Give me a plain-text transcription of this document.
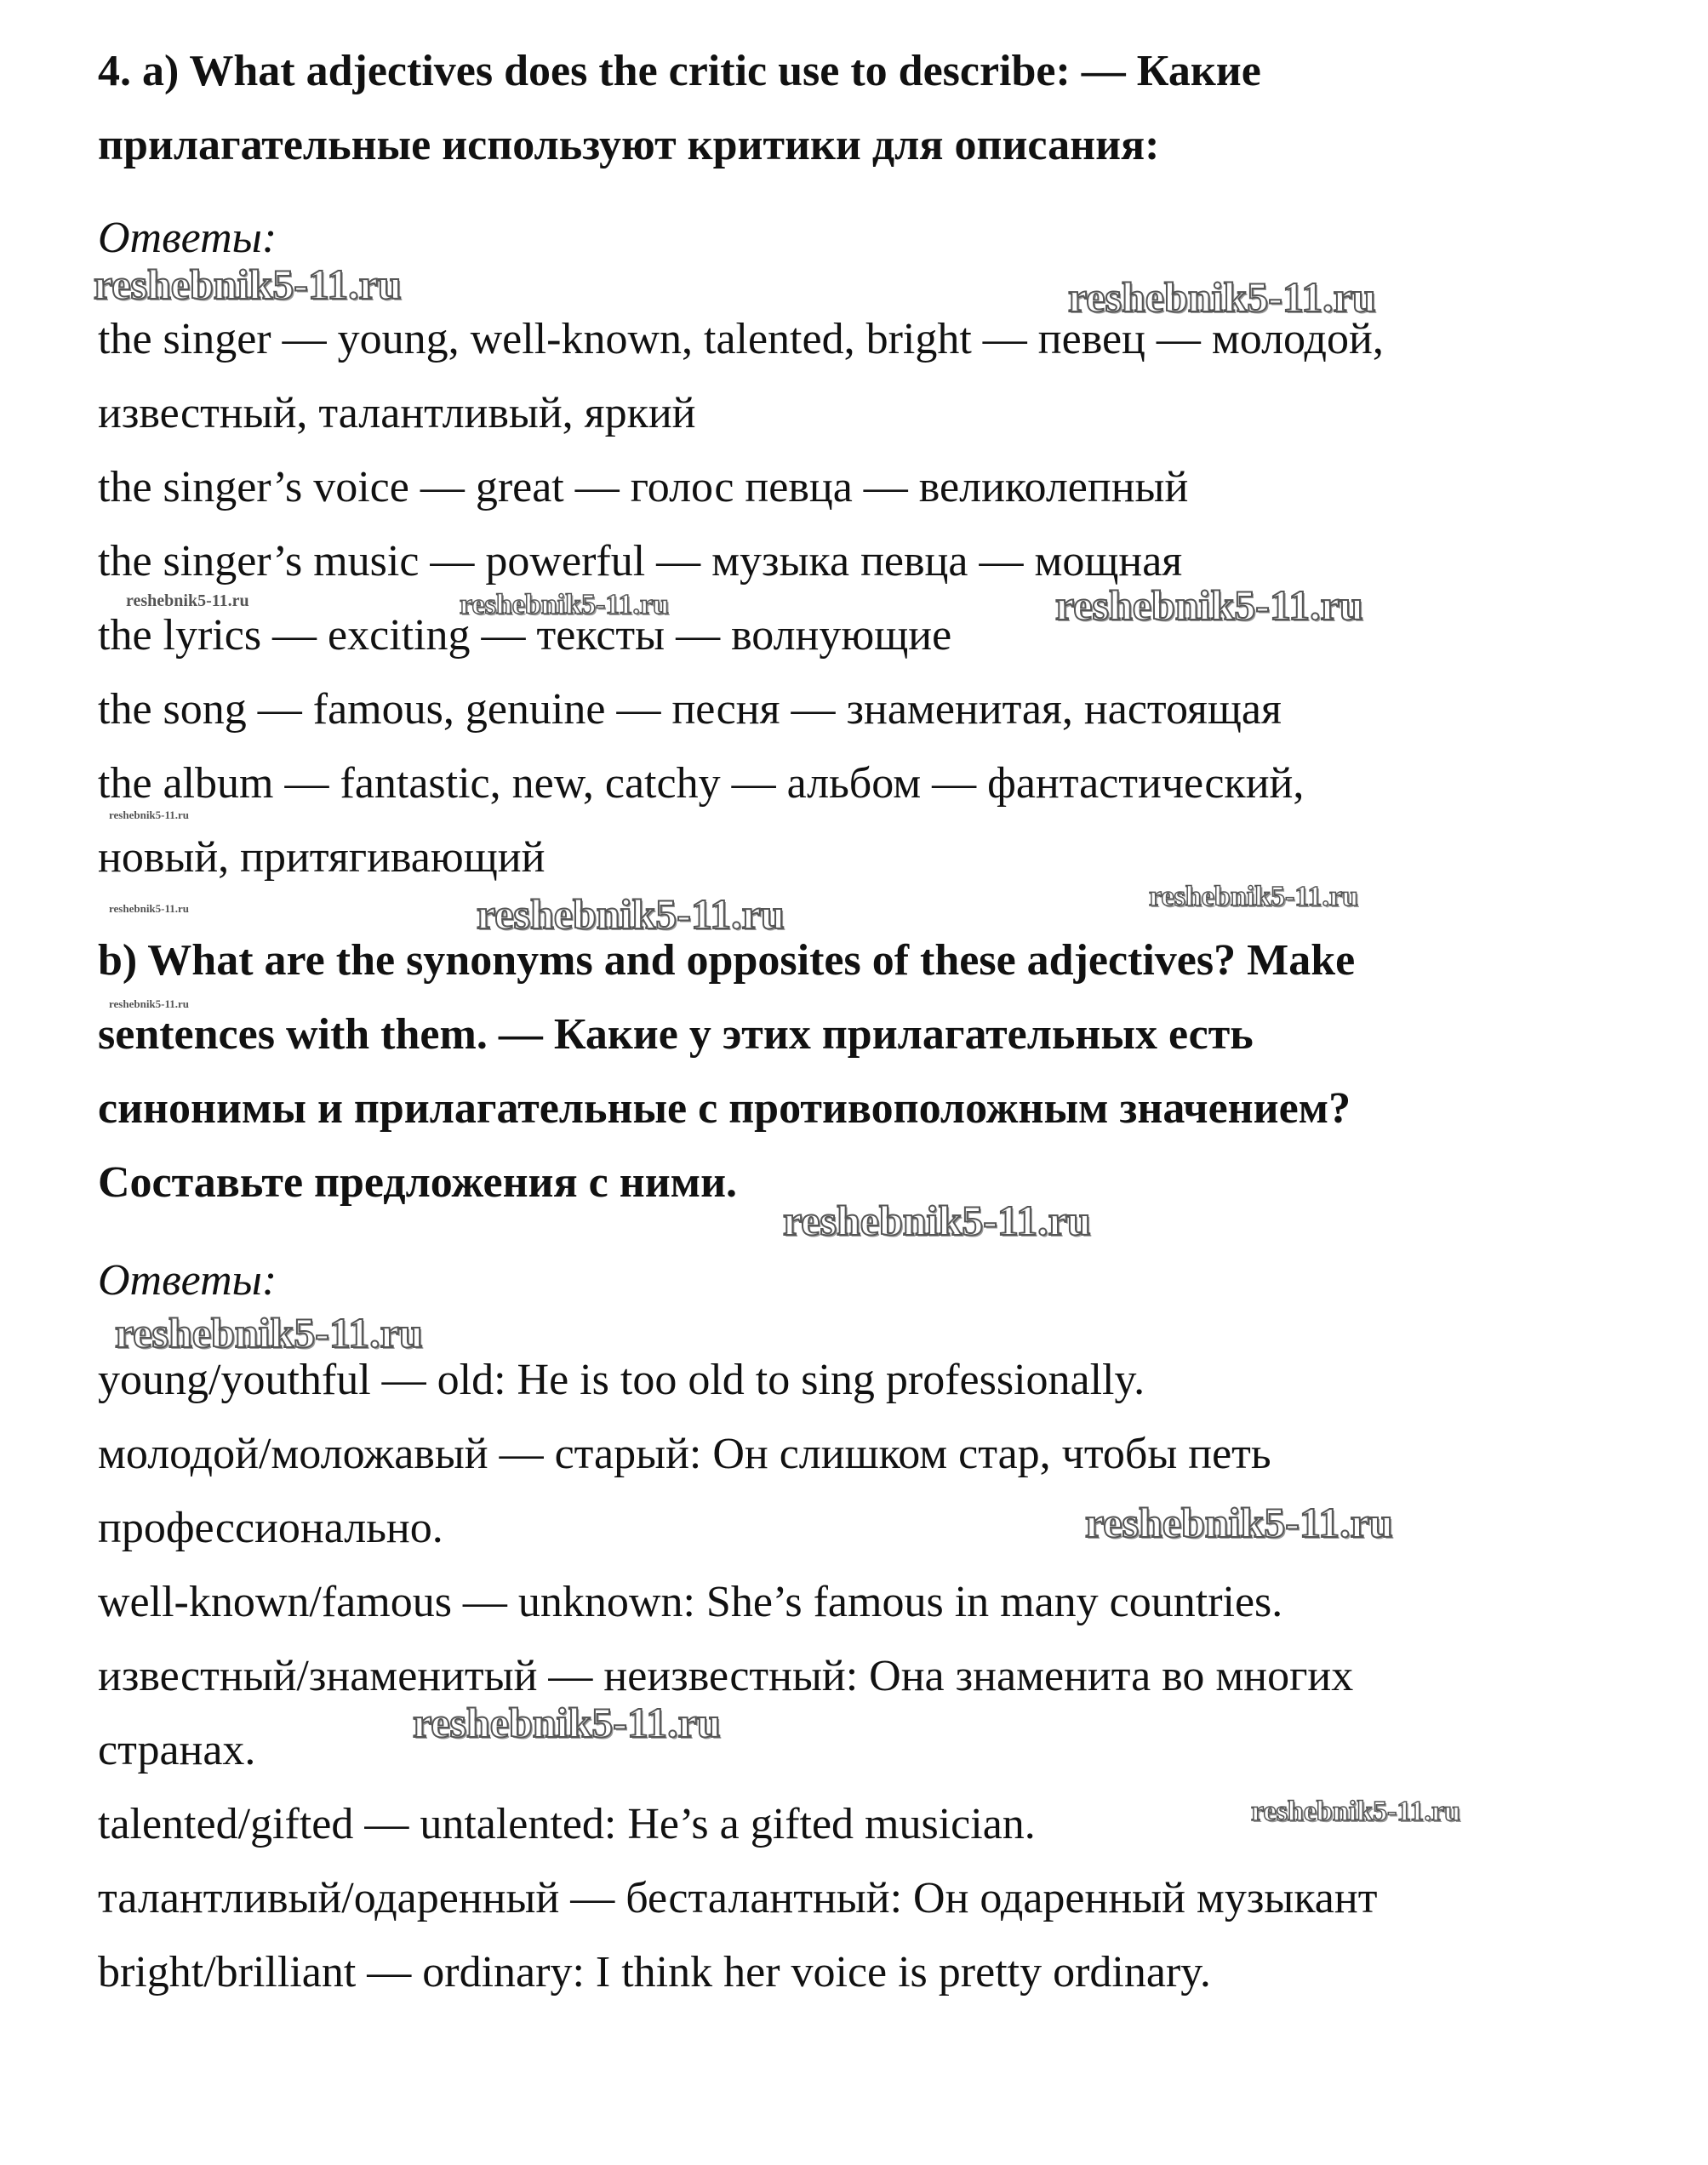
4. a) What adjectives does the critic use to describe: — Какие

прилагательные используют критики для описания:

Ответы:

the singer — young, well-known, talented, bright — певец — молодой,

известный, талантливый, яркий

the singer’s voice — great — голос певца — великолепный

the singer’s music — powerful — музыка певца — мощная

the lyrics — exciting — тексты — волнующие

the song — famous, genuine — песня — знаменитая, настоящая

the album — fantastic, new, catchy — альбом — фантастический,

новый, притягивающий

b) What are the synonyms and opposites of these adjectives? Make

sentences with them. — Какие у этих прилагательных есть

синонимы и прилагательные с противоположным значением?

Составьте предложения с ними.

Ответы:

young/youthful — old: He is too old to sing professionally.

молодой/моложавый — старый: Он слишком стар, чтобы петь

профессионально.

well-known/famous — unknown: She’s famous in many countries.

известный/знаменитый — неизвестный: Она знаменита во многих

странах.

talented/gifted — untalented: He’s a gifted musician.

талантливый/одаренный — бесталантный: Он одаренный музыкант

bright/brilliant — ordinary: I think her voice is pretty ordinary.

reshebnik5-11.ru	reshebnik5-11.ru
reshebnik5-11.ru	reshebnik5-11.ru	reshebnik5-11.ru
reshebnik5-11.ru
reshebnik5-11.ru	reshebnik5-11.ru	reshebnik5-11.ru
reshebnik5-11.ru
reshebnik5-11.ru
reshebnik5-11.ru
reshebnik5-11.ru
reshebnik5-11.ru
reshebnik5-11.ru
